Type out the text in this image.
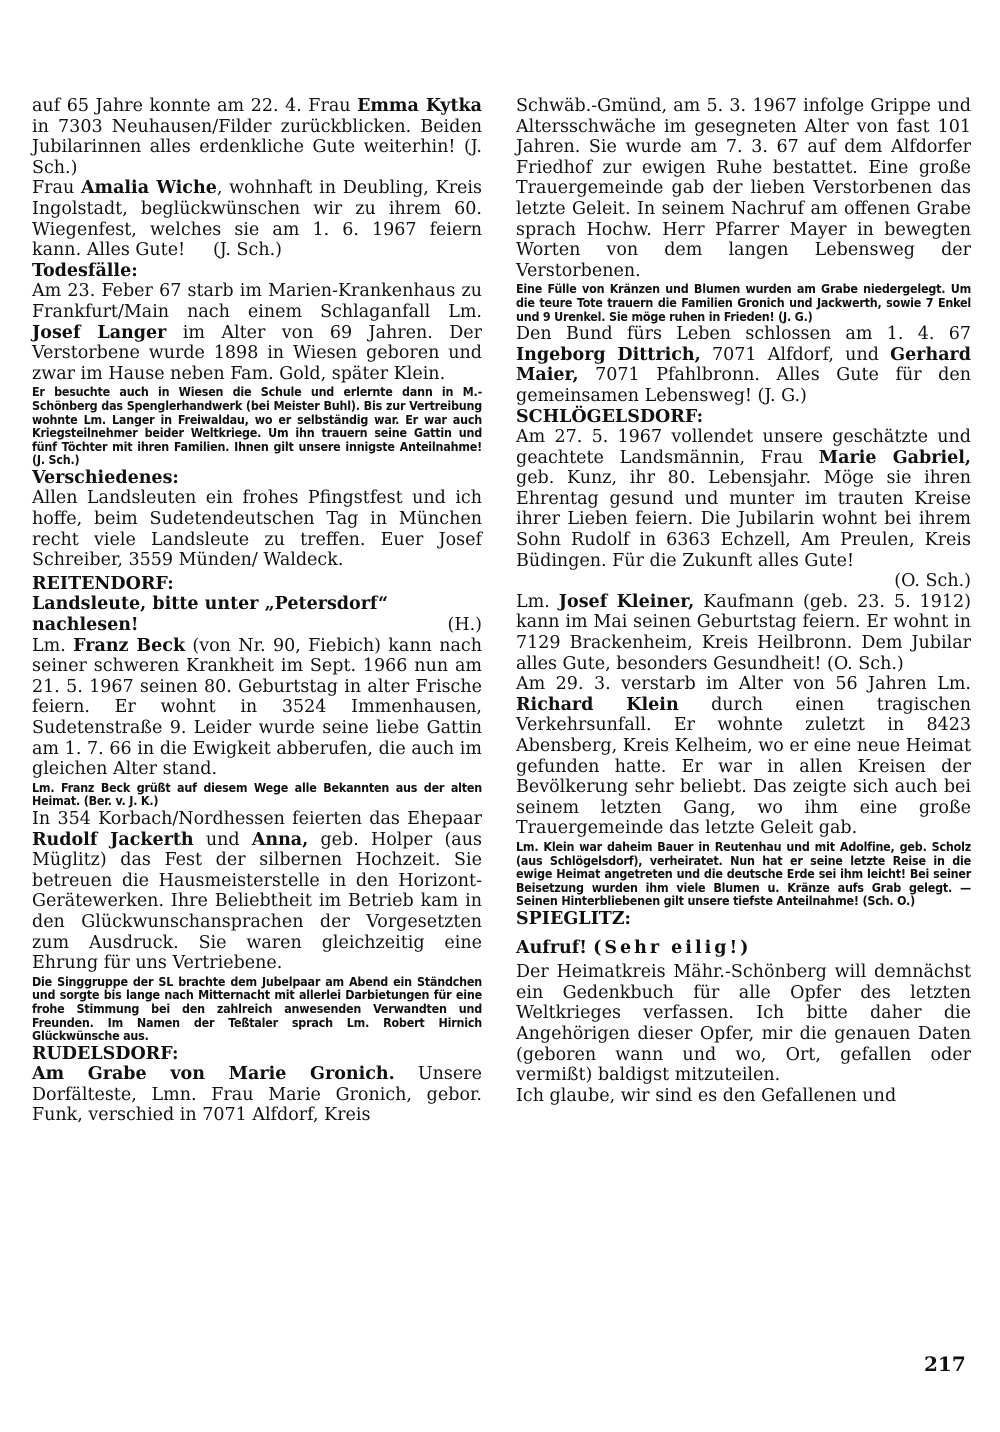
auf 65 Jahre konnte am 22. 4. Frau Emma Kytka in 7303 Neuhausen/Filder zurückblicken. Beiden Jubilarinnen alles erdenkliche Gute weiterhin! (J. Sch.)

Frau Amalia Wiche, wohnhaft in Deubling, Kreis Ingolstadt, beglückwünschen wir zu ihrem 60. Wiegenfest, welches sie am 1. 6. 1967 feiern kann. Alles Gute! (J. Sch.)

Todesfälle:

Am 23. Feber 67 starb im Marien-Krankenhaus zu Frankfurt/Main nach einem Schlaganfall Lm. Josef Langer im Alter von 69 Jahren. Der Verstorbene wurde 1898 in Wiesen geboren und zwar im Hause neben Fam. Gold, später Klein.

Er besuchte auch in Wiesen die Schule und erlernte dann in M.-Schönberg das Spenglerhandwerk (bei Meister Buhl). Bis zur Vertreibung wohnte Lm. Langer in Freiwaldau, wo er selbständig war. Er war auch Kriegsteilnehmer beider Weltkriege. Um ihn trauern seine Gattin und fünf Töchter mit ihren Familien. Ihnen gilt unsere innigste Anteilnahme! (J. Sch.)

Verschiedenes:

Allen Landsleuten ein frohes Pfingstfest und ich hoffe, beim Sudetendeutschen Tag in München recht viele Landsleute zu treffen. Euer Josef Schreiber, 3559 Münden/ Waldeck.

REITENDORF:

Landsleute, bitte unter „Petersdorf“ nachlesen!	(H.)

Lm. Franz Beck (von Nr. 90, Fiebich) kann nach seiner schweren Krankheit im Sept. 1966 nun am 21. 5. 1967 seinen 80. Geburtstag in alter Frische feiern. Er wohnt in 3524 Immenhausen, Sudetenstraße 9. Leider wurde seine liebe Gattin am 1. 7. 66 in die Ewigkeit abberufen, die auch im gleichen Alter stand.

Lm. Franz Beck grüßt auf diesem Wege alle Bekannten aus der alten Heimat. (Ber. v. J. K.)

In 354 Korbach/Nordhessen feierten das Ehepaar Rudolf Jackerth und Anna, geb. Holper (aus Müglitz) das Fest der silbernen Hochzeit. Sie betreuen die Hausmeisterstelle in den Horizont-Gerätewerken. Ihre Beliebtheit im Betrieb kam in den Glückwunschansprachen der Vorgesetzten zum Ausdruck. Sie waren gleichzeitig eine Ehrung für uns Vertriebene.

Die Singgruppe der SL brachte dem Jubelpaar am Abend ein Ständchen und sorgte bis lange nach Mitternacht mit allerlei Darbietungen für eine frohe Stimmung bei den zahlreich anwesenden Verwandten und Freunden. Im Namen der Teßtaler sprach Lm. Robert Hirnich Glückwünsche aus.

RUDELSDORF:

Am Grabe von Marie Gronich. Unsere Dorfälteste, Lmn. Frau Marie Gronich, gebor. Funk, verschied in 7071 Alfdorf, Kreis

Schwäb.-Gmünd, am 5. 3. 1967 infolge Grippe und Altersschwäche im gesegneten Alter von fast 101 Jahren. Sie wurde am 7. 3. 67 auf dem Alfdorfer Friedhof zur ewigen Ruhe bestattet. Eine große Trauergemeinde gab der lieben Verstorbenen das letzte Geleit. In seinem Nachruf am offenen Grabe sprach Hochw. Herr Pfarrer Mayer in bewegten Worten von dem langen Lebensweg der Verstorbenen.

Eine Fülle von Kränzen und Blumen wurden am Grabe niedergelegt. Um die teure Tote trauern die Familien Gronich und Jackwerth, sowie 7 Enkel und 9 Urenkel. Sie möge ruhen in Frieden! (J. G.)

Den Bund fürs Leben schlossen am 1. 4. 67 Ingeborg Dittrich, 7071 Alfdorf, und Gerhard Maier, 7071 Pfahlbronn. Alles Gute für den gemeinsamen Lebensweg! (J. G.)

SCHLÖGELSDORF:

Am 27. 5. 1967 vollendet unsere geschätzte und geachtete Landsmännin, Frau Marie Gabriel, geb. Kunz, ihr 80. Lebensjahr. Möge sie ihren Ehrentag gesund und munter im trauten Kreise ihrer Lieben feiern. Die Jubilarin wohnt bei ihrem Sohn Rudolf in 6363 Echzell, Am Preulen, Kreis Büdingen. Für die Zukunft alles Gute!

(O. Sch.)

Lm. Josef Kleiner, Kaufmann (geb. 23. 5. 1912) kann im Mai seinen Geburtstag feiern. Er wohnt in 7129 Brackenheim, Kreis Heilbronn. Dem Jubilar alles Gute, besonders Gesundheit! (O. Sch.)

Am 29. 3. verstarb im Alter von 56 Jahren Lm. Richard Klein durch einen tragischen Verkehrsunfall. Er wohnte zuletzt in 8423 Abensberg, Kreis Kelheim, wo er eine neue Heimat gefunden hatte. Er war in allen Kreisen der Bevölkerung sehr beliebt. Das zeigte sich auch bei seinem letzten Gang, wo ihm eine große Trauergemeinde das letzte Geleit gab.

Lm. Klein war daheim Bauer in Reutenhau und mit Adolfine, geb. Scholz (aus Schlögelsdorf), verheiratet. Nun hat er seine letzte Reise in die ewige Heimat angetreten und die deutsche Erde sei ihm leicht! Bei seiner Beisetzung wurden ihm viele Blumen u. Kränze aufs Grab gelegt. — Seinen Hinterbliebenen gilt unsere tiefste Anteilnahme! (Sch. O.)

SPIEGLITZ:

Aufruf! (Sehr eilig!)

Der Heimatkreis Mähr.-Schönberg will demnächst ein Gedenkbuch für alle Opfer des letzten Weltkrieges verfassen. Ich bitte daher die Angehörigen dieser Opfer, mir die genauen Daten (geboren wann und wo, Ort, gefallen oder vermißt) baldigst mitzuteilen.

Ich glaube, wir sind es den Gefallenen und

217
